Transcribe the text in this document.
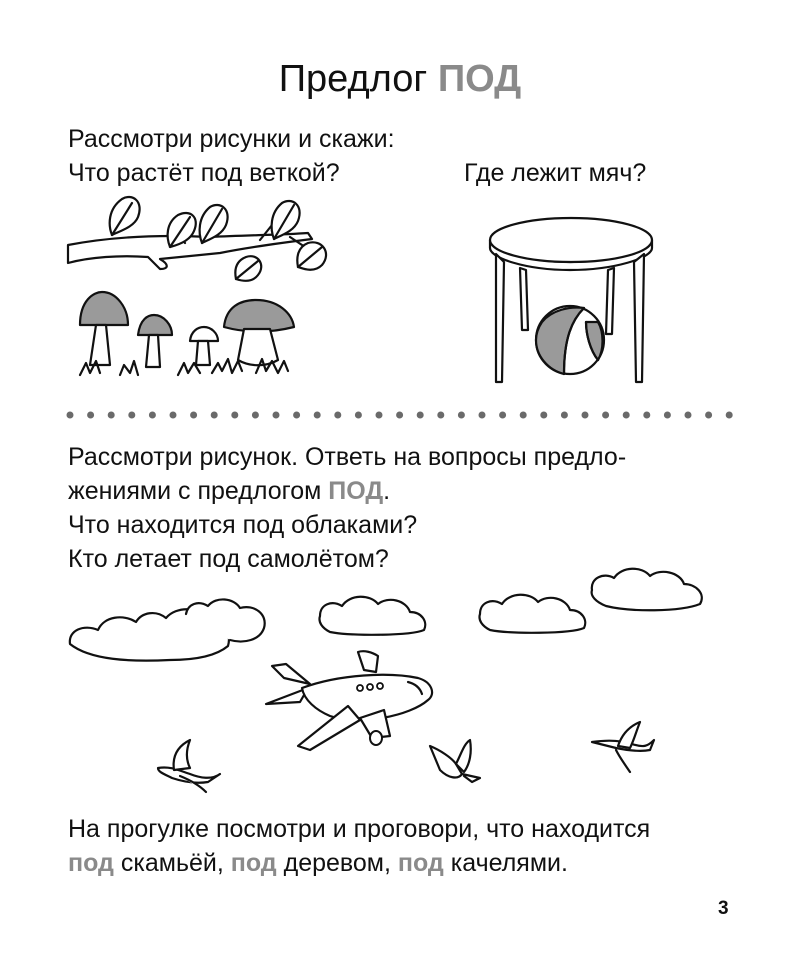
Предлог ПОД
Рассмотри рисунки и скажи:
Что растёт под веткой?	Где лежит мяч?
Рассмотри рисунок. Ответь на вопросы предло-
жениями с предлогом ПОД.
Что находится под облаками?
Кто летает под самолётом?
На прогулке посмотри и проговори, что находится
под скамьёй, под деревом, под качелями.
3
